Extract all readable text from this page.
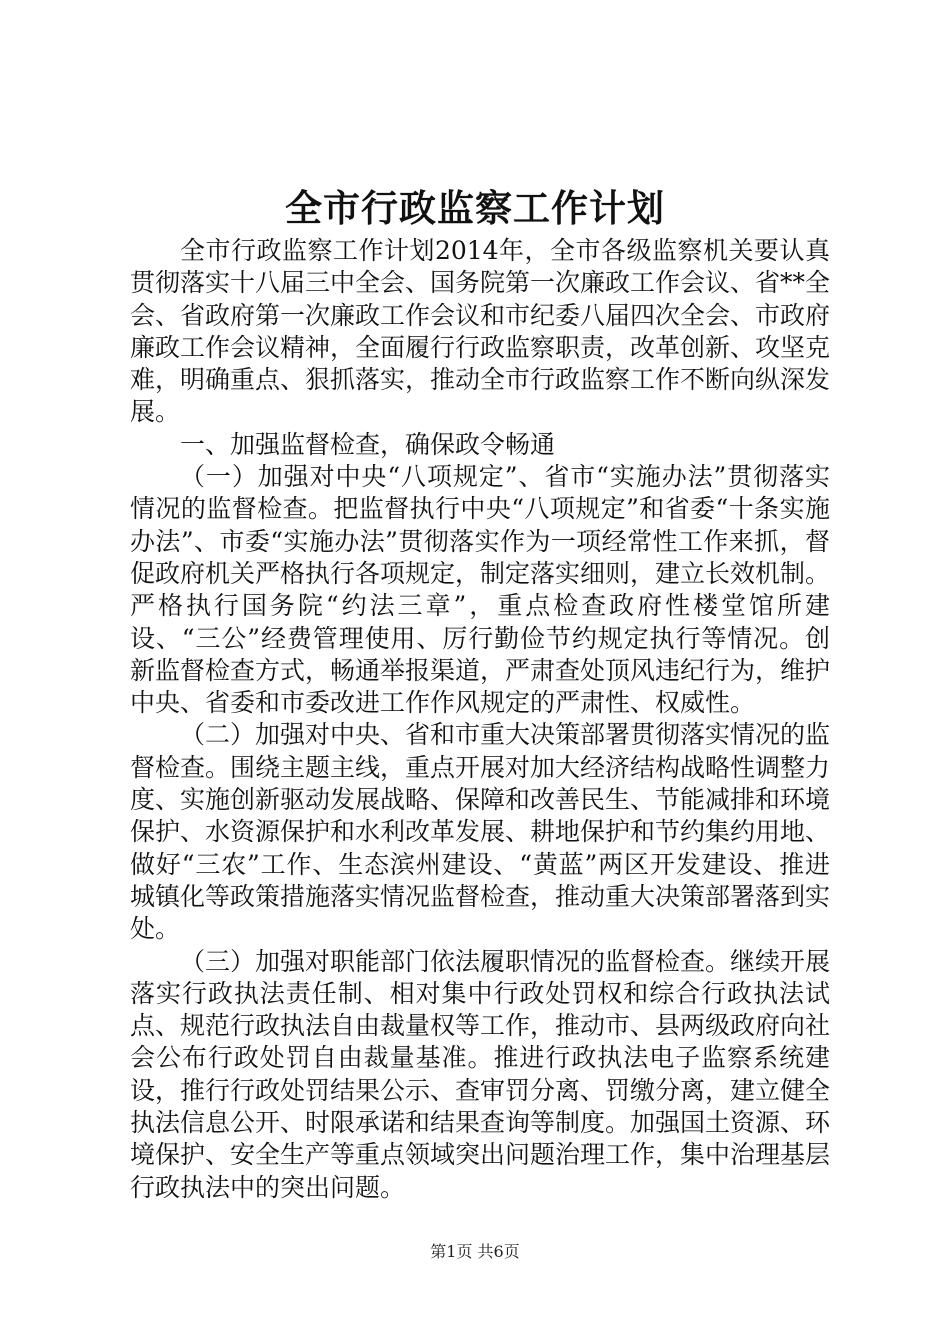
全市行政监察工作计划

全市行政监察工作计划2014年，全市各级监察机关要认真贯彻落实十八届三中全会、国务院第一次廉政工作会议、省**全会、省政府第一次廉政工作会议和市纪委八届四次全会、市政府廉政工作会议精神，全面履行行政监察职责，改革创新、攻坚克难，明确重点、狠抓落实，推动全市行政监察工作不断向纵深发展。

一、加强监督检查，确保政令畅通

（一）加强对中央“八项规定”、省市“实施办法”贯彻落实情况的监督检查。把监督执行中央“八项规定”和省委“十条实施办法”、市委“实施办法”贯彻落实作为一项经常性工作来抓，督促政府机关严格执行各项规定，制定落实细则，建立长效机制。严格执行国务院“约法三章”，重点检查政府性楼堂馆所建设、“三公”经费管理使用、厉行勤俭节约规定执行等情况。创新监督检查方式，畅通举报渠道，严肃查处顶风违纪行为，维护中央、省委和市委改进工作作风规定的严肃性、权威性。

（二）加强对中央、省和市重大决策部署贯彻落实情况的监督检查。围绕主题主线，重点开展对加大经济结构战略性调整力度、实施创新驱动发展战略、保障和改善民生、节能减排和环境保护、水资源保护和水利改革发展、耕地保护和节约集约用地、做好“三农”工作、生态滨州建设、“黄蓝”两区开发建设、推进城镇化等政策措施落实情况监督检查，推动重大决策部署落到实处。

（三）加强对职能部门依法履职情况的监督检查。继续开展落实行政执法责任制、相对集中行政处罚权和综合行政执法试点、规范行政执法自由裁量权等工作，推动市、县两级政府向社会公布行政处罚自由裁量基准。推进行政执法电子监察系统建设，推行行政处罚结果公示、查审罚分离、罚缴分离，建立健全执法信息公开、时限承诺和结果查询等制度。加强国土资源、环境保护、安全生产等重点领域突出问题治理工作，集中治理基层行政执法中的突出问题。

第1页 共6页
